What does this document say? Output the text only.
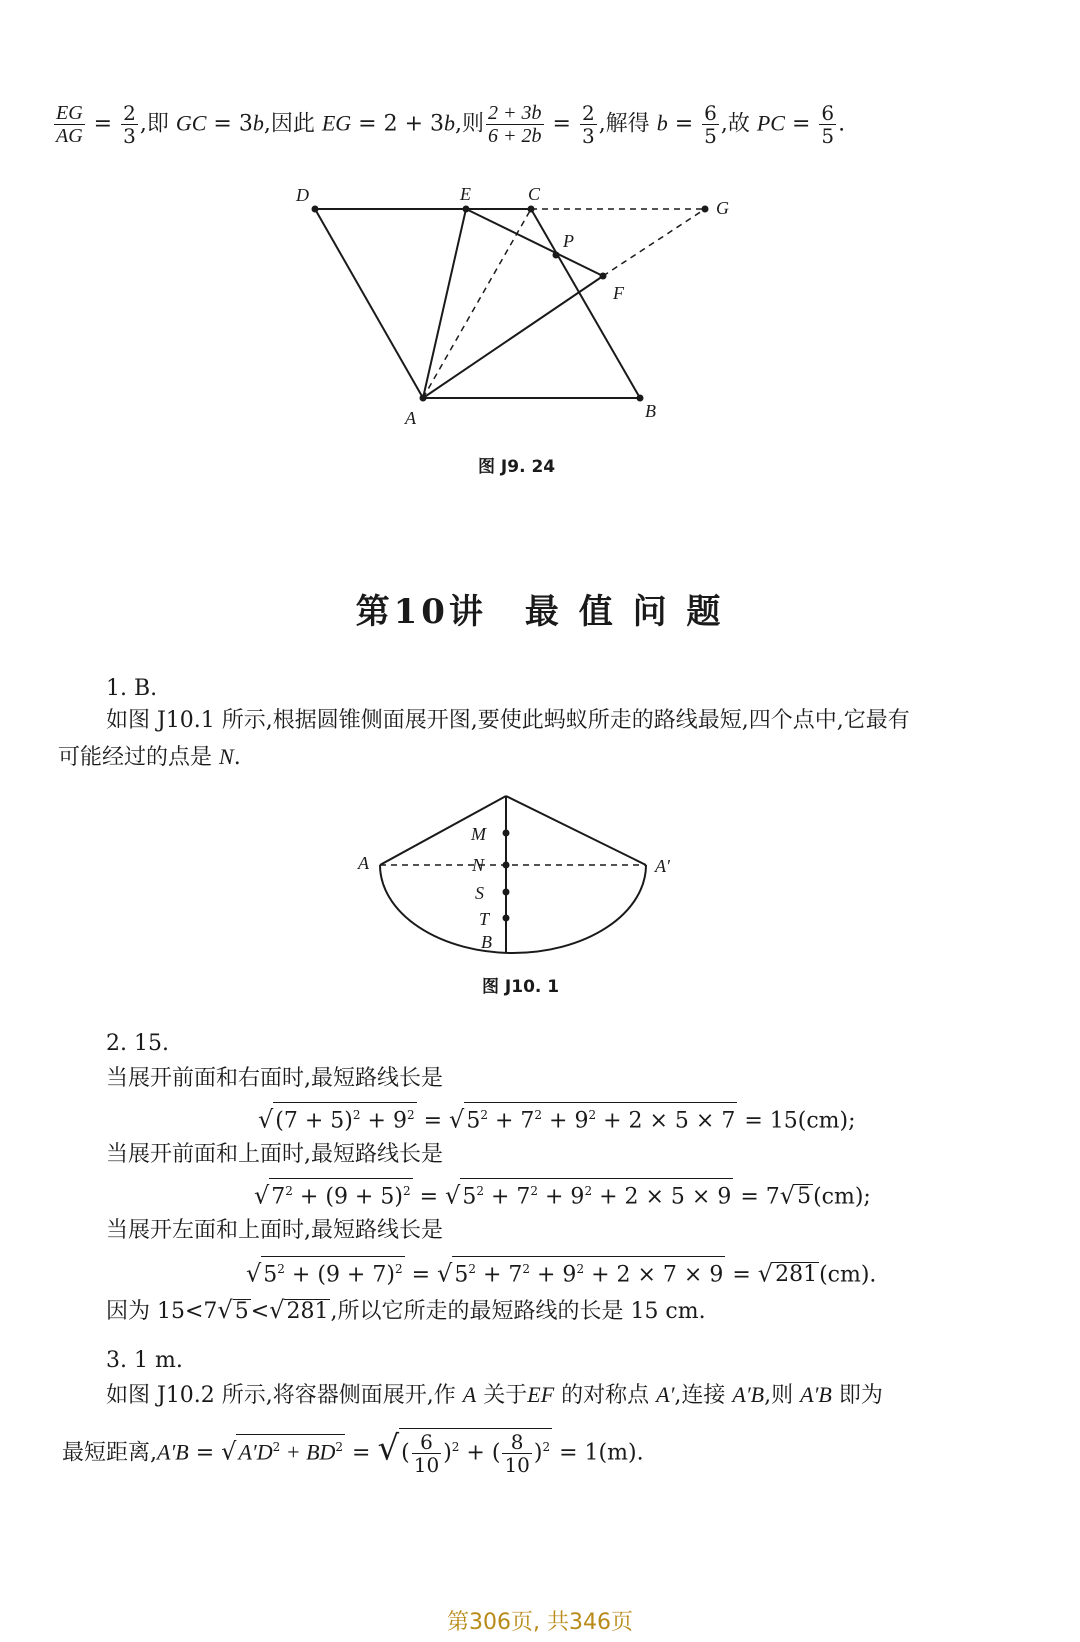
$\frac{EG}{AG} = \frac{2}{3}$ ,即 GC = 3b,因此 EG = 2 + 3b,则 $\frac{2 + 3b}{6 + 2b} = \frac{2}{3}$ ,解得 $b = \frac{6}{5}$ ,故 PC = $\frac{6}{5}$ .
D	E	C
G
P
F
A	B
图 J9. 24
第10讲　最 值 问 题
1. B.
如图 J10.1 所示,根据圆锥侧面展开图,要使此蚂蚁所走的路线最短,四个点中,它最有
可能经过的点是 N.
A	A′
M
N
S
T
B
图 J10. 1
2. 15.
当展开前面和右面时,最短路线长是
$√(7 + 5)^2 + 9^2 = √5^2 + 7^2 + 9^2 + 2 \times 5 \times 7 = 15(cm)$;
当展开前面和上面时,最短路线长是
$√7^2 + (9 + 5)^2 = √5^2 + 7^2 + 9^2 + 2 \times 5 \times 9 = 7√5(cm)$;
当展开左面和上面时,最短路线长是
$√5^2 + (9 + 7)^2 = √5^2 + 7^2 + 9^2 + 2 \times 7 \times 9 = √281(cm)$.
因为 15<7√5<√281,所以它所走的最短路线的长是 15 cm.
3. 1 m.
如图 J10.2 所示,将容器侧面展开,作 A 关于EF 的对称点 A′,连接 A′B,则 A′B 即为
最短距离$,A'B = √A'D^2 + BD^2$ = √( $\frac{6}{10} )^2$ + ( $\frac{8}{10} )^2 = 1(m)$.
第306页, 共346页
